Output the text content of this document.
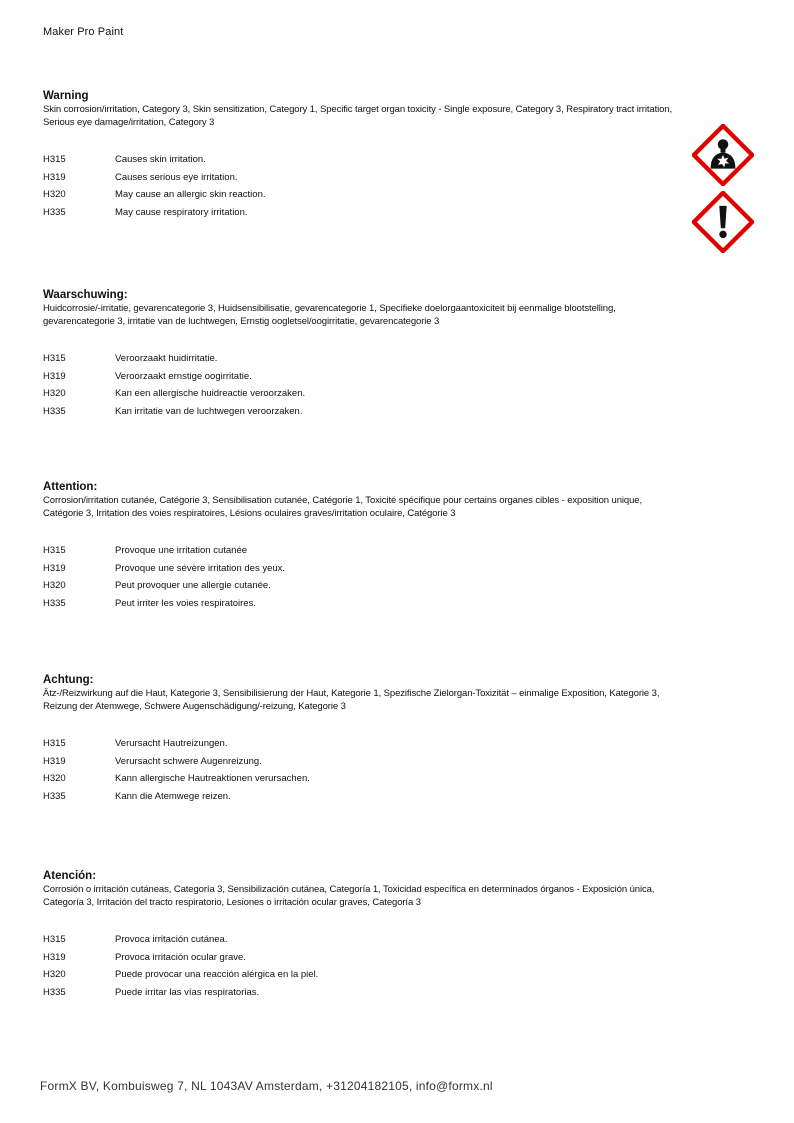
Maker Pro Paint

Warning

Skin corrosion/irritation, Category 3, Skin sensitization, Category 1, Specific target organ toxicity - Single exposure, Category 3, Respiratory tract irritation, Serious eye damage/irritation, Category 3

H315	Causes skin irritation.
H319	Causes serious eye irritation.
H320	May cause an allergic skin reaction.
H335	May cause respiratory irritation.

Waarschuwing:

Huidcorrosie/-irritatie, gevarencategorie 3, Huidsensibilisatie, gevarencategorie 1, Specifieke doelorgaantoxiciteit bij eenmalige blootstelling, gevarencategorie 3, irritatie van de luchtwegen, Ernstig oogletsel/oogirritatie, gevarencategorie 3

H315	Veroorzaakt huidirritatie.
H319	Veroorzaakt ernstige oogirritatie.
H320	Kan een allergische huidreactie veroorzaken.
H335	Kan irritatie van de luchtwegen veroorzaken.

Attention:

Corrosion/irritation cutanée, Catégorie 3, Sensibilisation cutanée, Catégorie 1, Toxicité spécifique pour certains organes cibles - exposition unique, Catégorie 3, Irritation des voies respiratoires, Lésions oculaires graves/irritation oculaire, Catégorie 3

H315	Provoque une irritation cutanée
H319	Provoque une sévère irritation des yeux.
H320	Peut provoquer une allergie cutanée.
H335	Peut irriter les voies respiratoires.

Achtung:

Ätz-/Reizwirkung auf die Haut, Kategorie 3, Sensibilisierung der Haut, Kategorie 1, Spezifische Zielorgan-Toxizität – einmalige Exposition, Kategorie 3, Reizung der Atemwege, Schwere Augenschädigung/-reizung, Kategorie 3

H315	Verursacht Hautreizungen.
H319	Verursacht schwere Augenreizung.
H320	Kann allergische Hautreaktionen verursachen.
H335	Kann die Atemwege reizen.

Atención:

Corrosión o irritación cutáneas, Categoría 3, Sensibilización cutánea, Categoría 1, Toxicidad específica en determinados órganos - Exposición única, Categoría 3, Irritación del tracto respiratorio, Lesiones o irritación ocular graves, Categoría 3

H315	Provoca irritación cutánea.
H319	Provoca irritación ocular grave.
H320	Puede provocar una reacción alérgica en la piel.
H335	Puede irritar las vías respiratorias.
FormX BV, Kombuisweg 7, NL 1043AV Amsterdam, +31204182105, info@formx.nl
